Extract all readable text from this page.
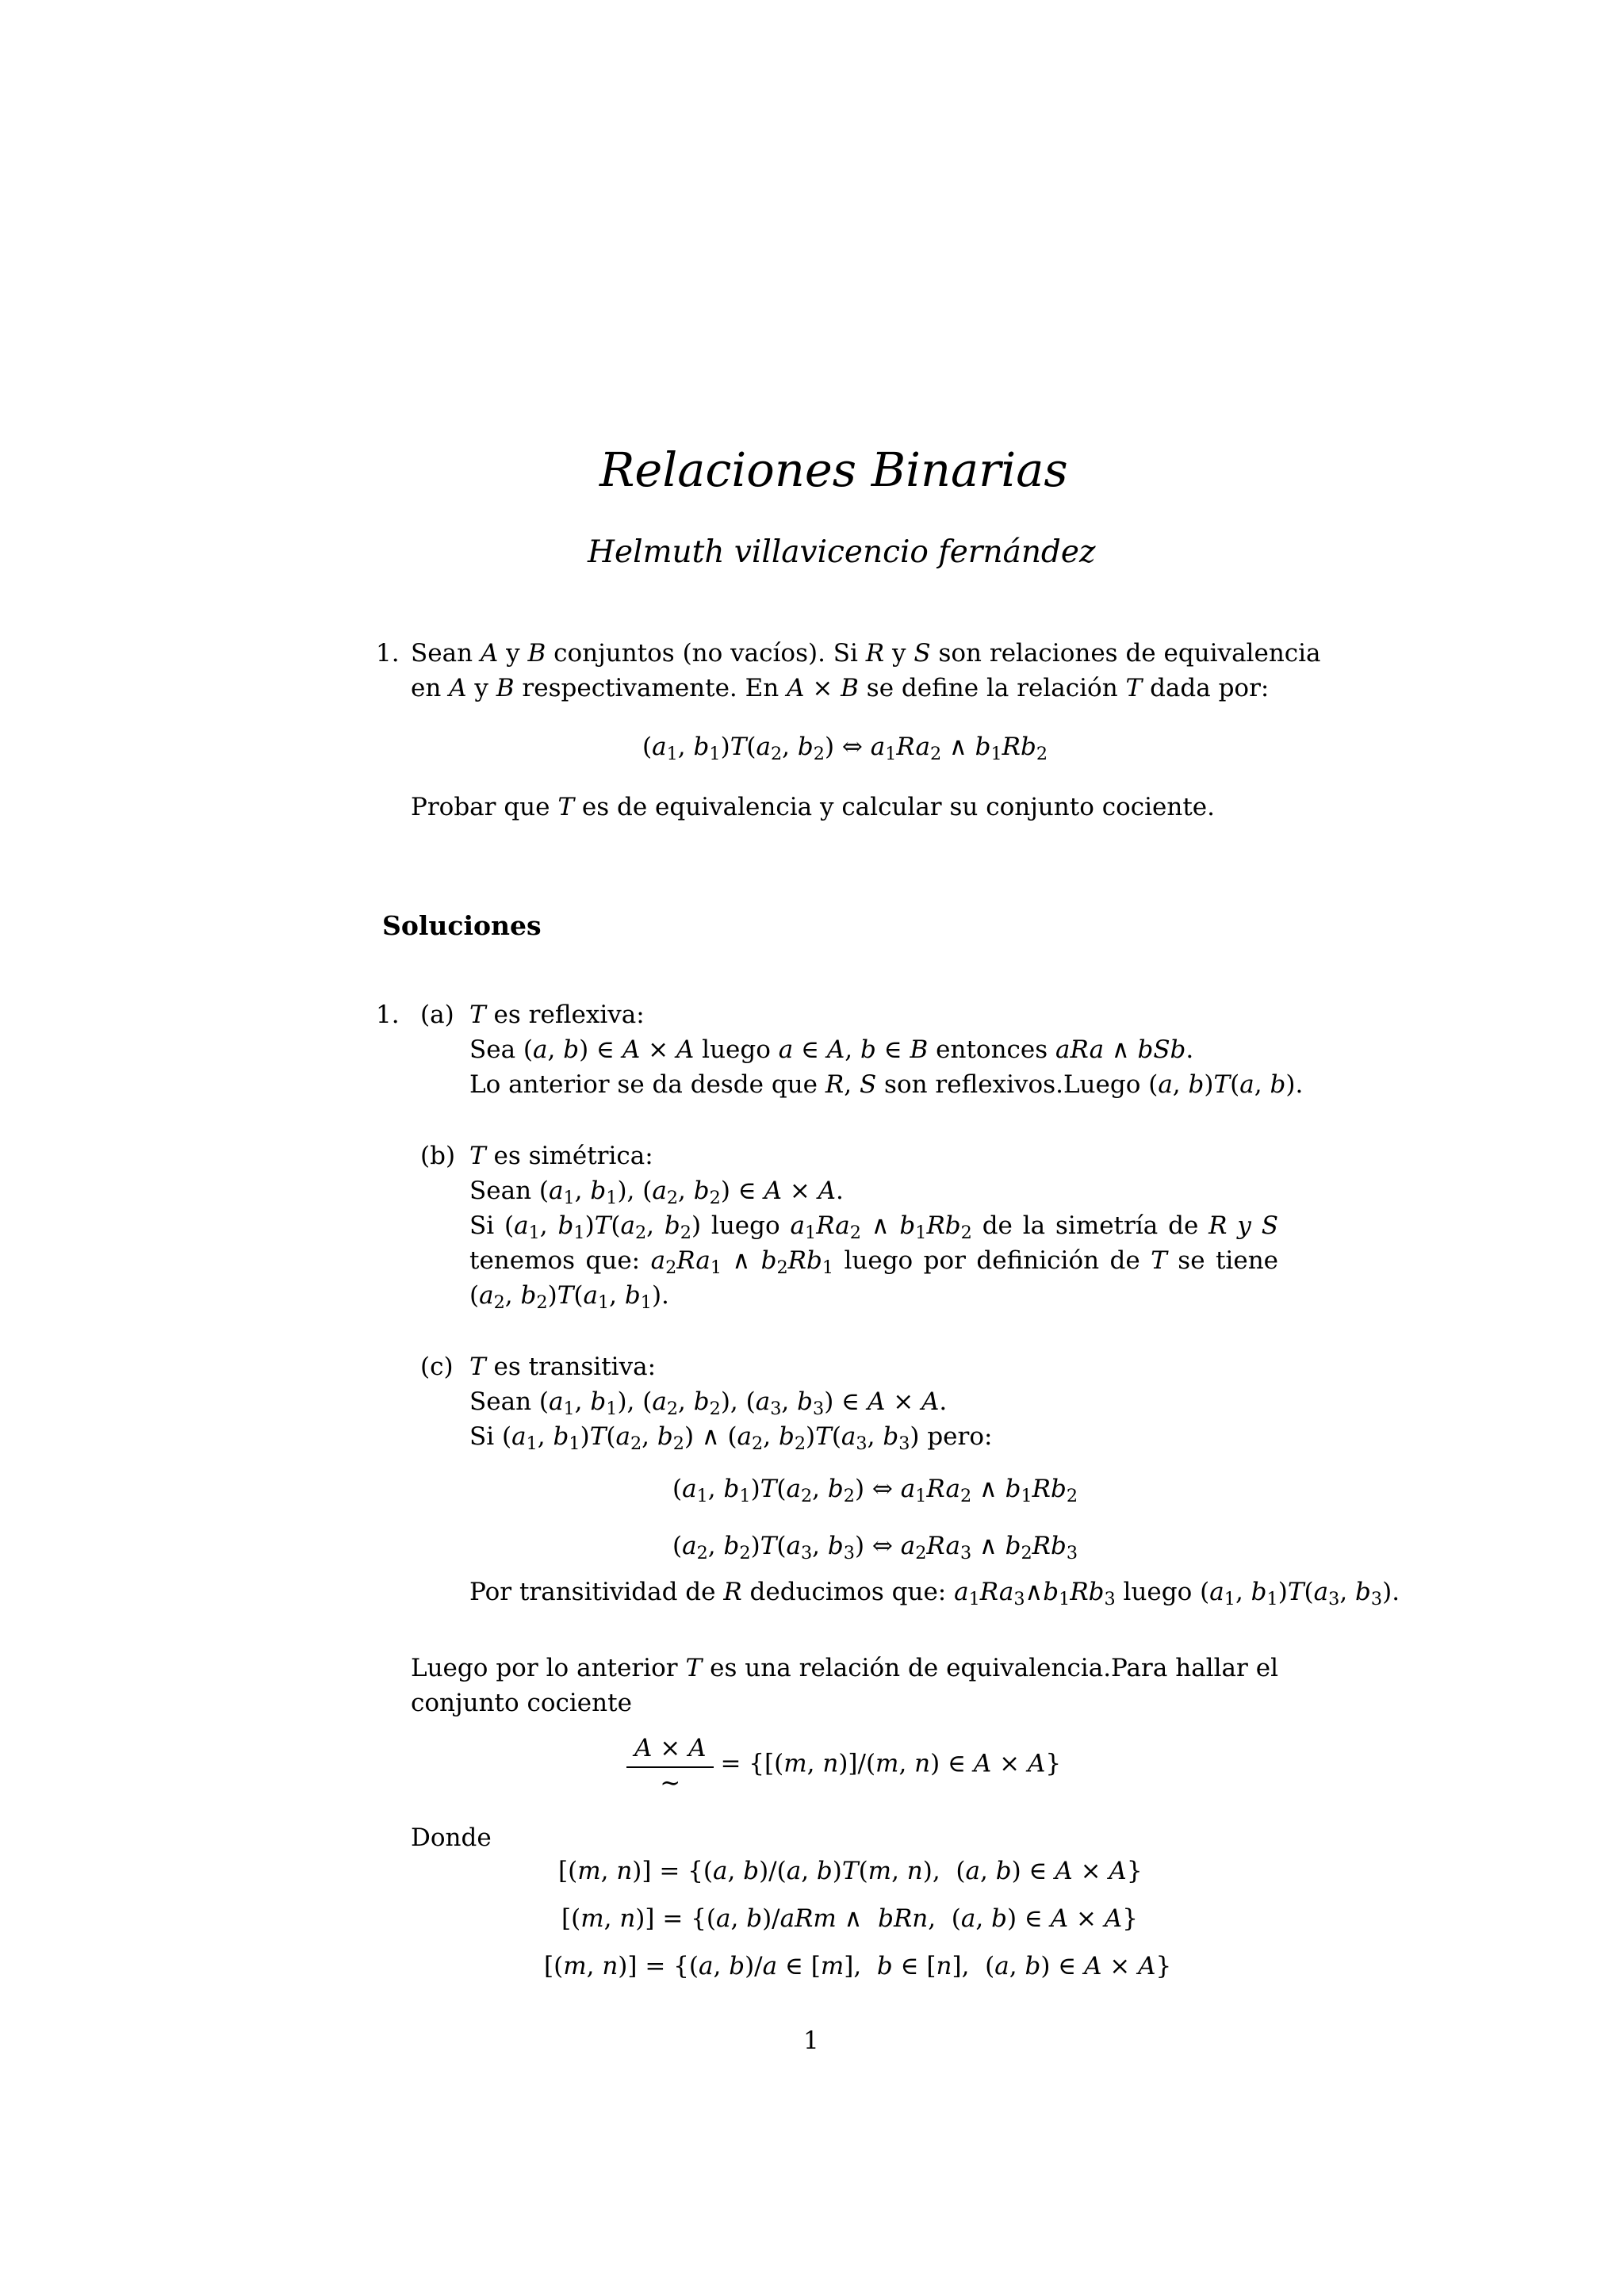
Relaciones Binarias
Helmuth villavicencio fernández
1. Sean A y B conjuntos (no vacíos). Si R y S son relaciones de equivalencia
en A y B respectivamente. En A × B se define la relación T dada por:
($a_1$, $b_1)T(a_2$, $b_2$) ⇔ $a_1Ra_2$ ∧ $b_1Rb_2$
Probar que T es de equivalencia y calcular su conjunto cociente.
Soluciones
1. (a) T es reflexiva:
Sea (a, b) ∈ A × A luego a ∈ A, b ∈ B entonces aRa ∧ bSb.
Lo anterior se da desde que R, S son reflexivos.Luego (a, b)T(a, b).
(b) T es simétrica:
Sean ($a_1$, $b_1$), ($a_2$, $b_2$) ∈ A × A.
Si ($a_1$, $b_1)T(a_2$, $b_2$) luego $a_1Ra_2$ ∧ $b_1Rb_2$ de la simetría de R y S
tenemos que: $a_2Ra_1$ ∧ $b_2Rb_1$ luego por definición de T se tiene
($a_2$, $b_2)T(a_1$, $b_1$).
(c) T es transitiva:
Sean ($a_1$, $b_1$), ($a_2$, $b_2$), ($a_3$, $b_3$) ∈ A × A.
Si ($a_1$, $b_1)T(a_2$, $b_2$) ∧ ($a_2$, $b_2)T(a_3$, $b_3$) pero:
($a_1$, $b_1)T(a_2$, $b_2$) ⇔ $a_1Ra_2$ ∧ $b_1Rb_2$
($a_2$, $b_2)T(a_3$, $b_3$) ⇔ $a_2Ra_3$ ∧ $b_2Rb_3$
Por transitividad de R deducimos que: $a_1Ra_3\wedge b_1Rb_3$ luego ($a_1$, $b_1)T(a_3$, $b_3$).
Luego por lo anterior T es una relación de equivalencia.Para hallar el
conjunto cociente
$\frac{A \times A}{\sim} = \{[(m$, n)]/(m, n) ∈ A × A}
Donde
[(m, n)] = {(a, b)/(a, b)T(m, n),  (a, b) ∈ A × A}
[(m, n)] = {(a, b)/aRm ∧  bRn,  (a, b) ∈ A × A}
[(m, n)] = {(a, b)/a ∈ [m],  b ∈ [n],  (a, b) ∈ A × A}
1
